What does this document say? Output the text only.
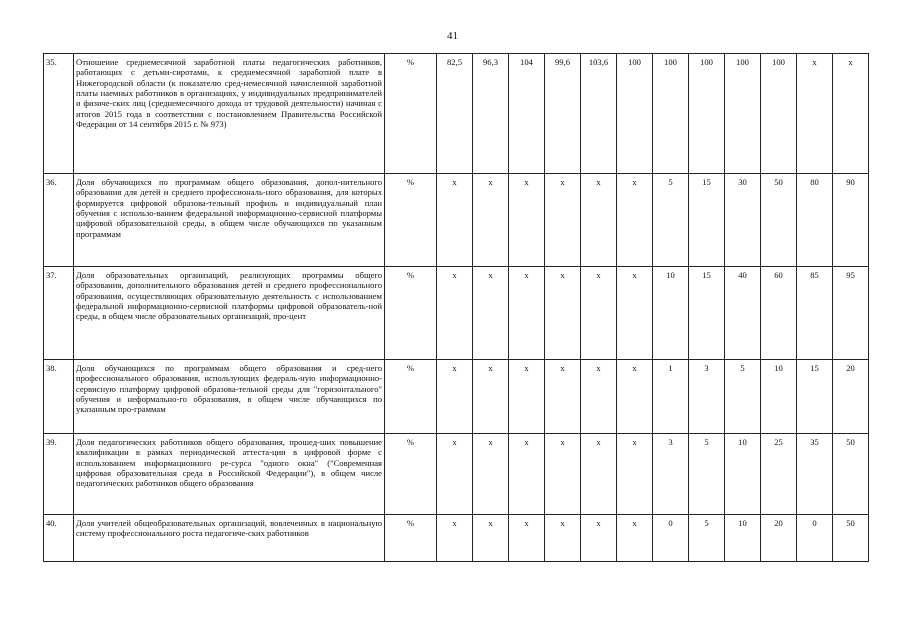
41
35.	Отношение среднемесячной заработной платы педагогических работников, работающих с детьми-сиротами, к среднемесячной заработной плате в Нижегородской области (к показателю сред-немесячной начисленной заработной платы наемных работников в организациях, у индивидуальных предпринимателей и физиче-ских лиц (среднемесячного дохода от трудовой деятельности) начиная с итогов 2015 года в соответствии с постановлением Правительства Российской Федерации от 14 сентября 2015 г. № 973)	%	82,5	96,3	104	99,6	103,6	100	100	100	100	100	x	x
36.	Доля обучающихся по программам общего образования, допол-нительного образования для детей и среднего профессиональ-ного образования, для которых формируется цифровой образова-тельный профиль и индивидуальный план обучения с использо-ванием федеральной информационно-сервисной платформы цифровой образовательной среды, в общем числе обучающихся по указанным программам	%	x	x	x	x	x	x	5	15	30	50	80	90
37.	Доля образовательных организаций, реализующих программы общего образования, дополнительного образования детей и среднего профессионального образования, осуществляющих образовательную деятельность с использованием федеральной информационно-сервисной платформы цифровой образователь-ной среды, в общем числе образовательных организаций, про-цент	%	x	x	x	x	x	x	10	15	40	60	85	95
38.	Доля обучающихся по программам общего образования и сред-него профессионального образования, использующих федераль-ную информационно-сервисную платформу цифровой образова-тельной среды для "горизонтального" обучения и неформально-го образования, в общем числе обучающихся по указанным про-граммам	%	x	x	x	x	x	x	1	3	5	10	15	20
39.	Доля педагогических работников общего образования, прошед-ших повышение квалификации в рамках периодической аттеста-ции в цифровой форме с использованием информационного ре-сурса "одного окна" ("Современная цифровая образовательная среда в Российской Федерации"), в общем числе педагогических работников общего образования	%	x	x	x	x	x	x	3	5	10	25	35	50
40.	Доля учителей общеобразовательных организаций, вовлеченных в национальную систему профессионального роста педагогиче-ских работников	%	x	x	x	x	x	x	0	5	10	20	0	50
